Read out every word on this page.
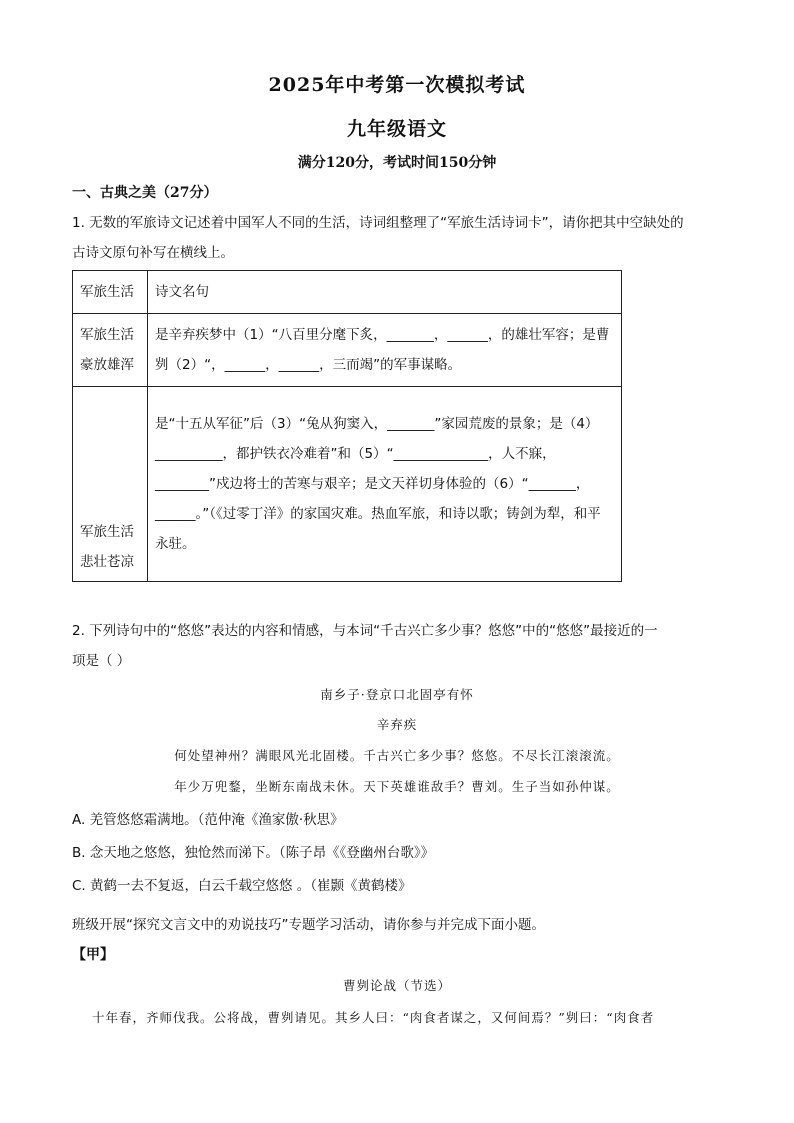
2025年中考第一次模拟考试
九年级语文
满分120分，考试时间150分钟
一、古典之美（27分）
1. 无数的军旅诗文记述着中国军人不同的生活，诗词组整理了“军旅生活诗词卡”，请你把其中空缺处的
古诗文原句补写在横线上。
军旅生活	诗文名句
军旅生活豪放雄浑	是辛弃疾梦中（1）“八百里分麾下炙，_______，______，的雄壮军容；是曹刿（2）“，______，______，三而竭”的军事谋略。
军旅生活悲壮苍凉	是“十五从军征”后（3）“兔从狗窦入，_______”家园荒废的景象；是（4）__________，都护铁衣冷难着”和（5）“______________，人不寐，________”戍边将士的苦寒与艰辛；是文天祥切身体验的（6）“_______，______。”（《过零丁洋》的家国灾难。热血军旅，和诗以歌；铸剑为犁，和平永驻。
2. 下列诗句中的“悠悠”表达的内容和情感，与本词“千古兴亡多少事？悠悠”中的“悠悠”最接近的一
项是（ ）
南乡子·登京口北固亭有怀
辛弃疾
何处望神州？满眼风光北固楼。千古兴亡多少事？悠悠。不尽长江滚滚流。
年少万兜鍪，坐断东南战未休。天下英雄谁敌手？曹刘。生子当如孙仲谋。
A. 羌管悠悠霜满地。（范仲淹《渔家傲·秋思》
B. 念天地之悠悠，独怆然而涕下。（陈子昂《《登幽州台歌》》
C. 黄鹤一去不复返，白云千载空悠悠 。（崔颢《黄鹤楼》
班级开展“探究文言文中的劝说技巧”专题学习活动，请你参与并完成下面小题。
【甲】
曹刿论战（节选）
十年春，齐师伐我。公将战，曹刿请见。其乡人曰：“肉食者谋之，又何间焉？”刿曰：“肉食者
